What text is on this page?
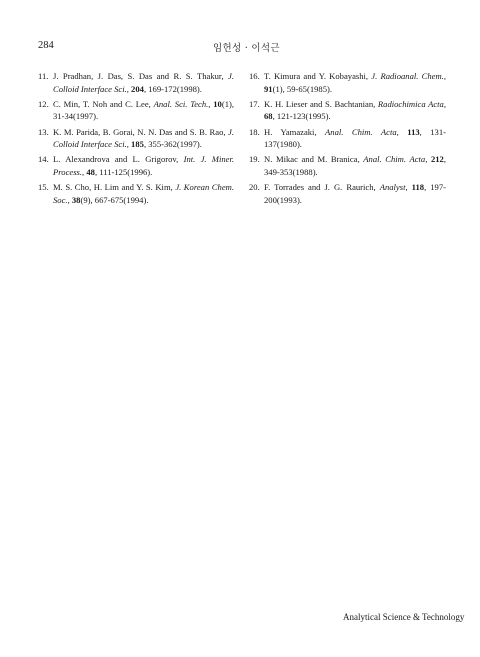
284	임헌성 · 이석근
11. J. Pradhan, J. Das, S. Das and R. S. Thakur, J. Colloid Interface Sci., 204, 169-172(1998).
12. C. Min, T. Noh and C. Lee, Anal. Sci. Tech., 10(1), 31-34(1997).
13. K. M. Parida, B. Gorai, N. N. Das and S. B. Rao, J. Colloid Interface Sci., 185, 355-362(1997).
14. L. Alexandrova and L. Grigorov, Int. J. Miner. Process., 48, 111-125(1996).
15. M. S. Cho, H. Lim and Y. S. Kim, J. Korean Chem. Soc., 38(9), 667-675(1994).
16. T. Kimura and Y. Kobayashi, J. Radioanal. Chem., 91(1), 59-65(1985).
17. K. H. Lieser and S. Bachtanian, Radiochimica Acta, 68, 121-123(1995).
18. H. Yamazaki, Anal. Chim. Acta, 113, 131-137(1980).
19. N. Mikac and M. Branica, Anal. Chim. Acta, 212, 349-353(1988).
20. F. Torrades and J. G. Raurich, Analyst, 118, 197-200(1993).
Analytical Science & Technology
